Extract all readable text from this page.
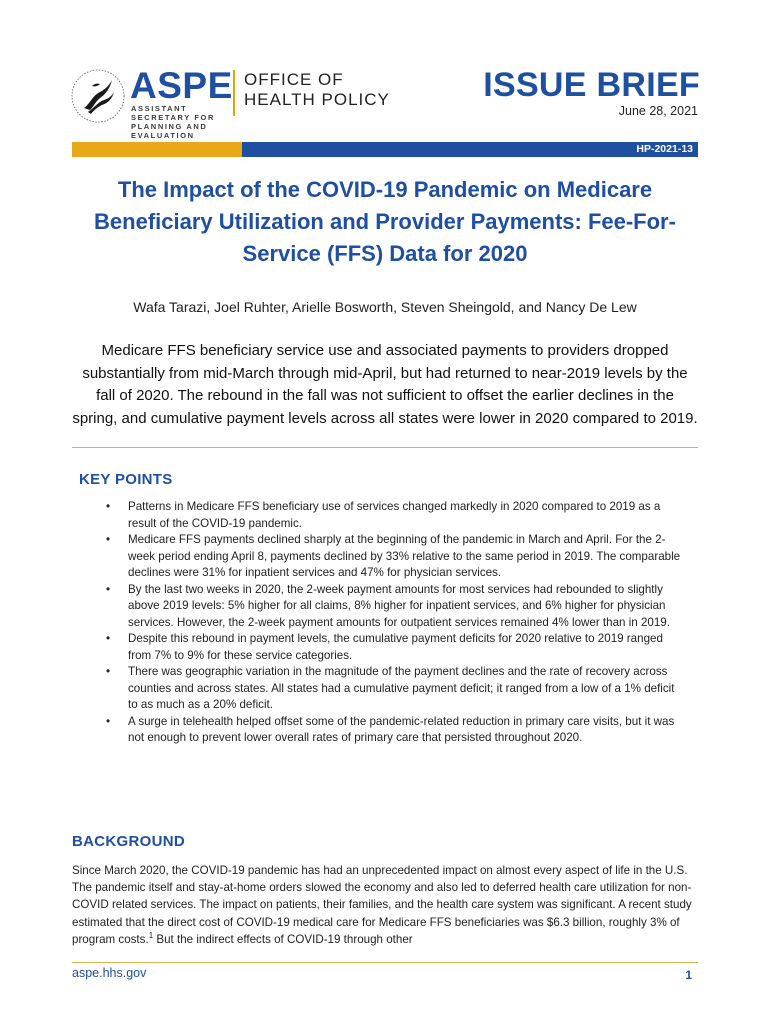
ASPE
ASSISTANT SECRETARY FOR PLANNING AND EVALUATION
OFFICE OF
HEALTH POLICY	ISSUE BRIEF
June 28, 2021
HP-2021-13
The Impact of the COVID-19 Pandemic on Medicare Beneficiary Utilization and Provider Payments: Fee-For-Service (FFS) Data for 2020
Wafa Tarazi, Joel Ruhter, Arielle Bosworth, Steven Sheingold, and Nancy De Lew
Medicare FFS beneficiary service use and associated payments to providers dropped substantially from mid-March through mid-April, but had returned to near-2019 levels by the fall of 2020. The rebound in the fall was not sufficient to offset the earlier declines in the spring, and cumulative payment levels across all states were lower in 2020 compared to 2019.
KEY POINTS
• Patterns in Medicare FFS beneficiary use of services changed markedly in 2020 compared to 2019 as a result of the COVID-19 pandemic.
• Medicare FFS payments declined sharply at the beginning of the pandemic in March and April. For the 2-week period ending April 8, payments declined by 33% relative to the same period in 2019. The comparable declines were 31% for inpatient services and 47% for physician services.
• By the last two weeks in 2020, the 2-week payment amounts for most services had rebounded to slightly above 2019 levels: 5% higher for all claims, 8% higher for inpatient services, and 6% higher for physician services. However, the 2-week payment amounts for outpatient services remained 4% lower than in 2019.
• Despite this rebound in payment levels, the cumulative payment deficits for 2020 relative to 2019 ranged from 7% to 9% for these service categories.
• There was geographic variation in the magnitude of the payment declines and the rate of recovery across counties and across states. All states had a cumulative payment deficit; it ranged from a low of a 1% deficit to as much as a 20% deficit.
• A surge in telehealth helped offset some of the pandemic-related reduction in primary care visits, but it was not enough to prevent lower overall rates of primary care that persisted throughout 2020.
BACKGROUND

Since March 2020, the COVID-19 pandemic has had an unprecedented impact on almost every aspect of life in the U.S. The pandemic itself and stay-at-home orders slowed the economy and also led to deferred health care utilization for non-COVID related services. The impact on patients, their families, and the health care system was significant. A recent study estimated that the direct cost of COVID-19 medical care for Medicare FFS beneficiaries was $6.3 billion, roughly 3% of program costs.$^1$ But the indirect effects of COVID-19 through other

aspe.hhs.gov	1
